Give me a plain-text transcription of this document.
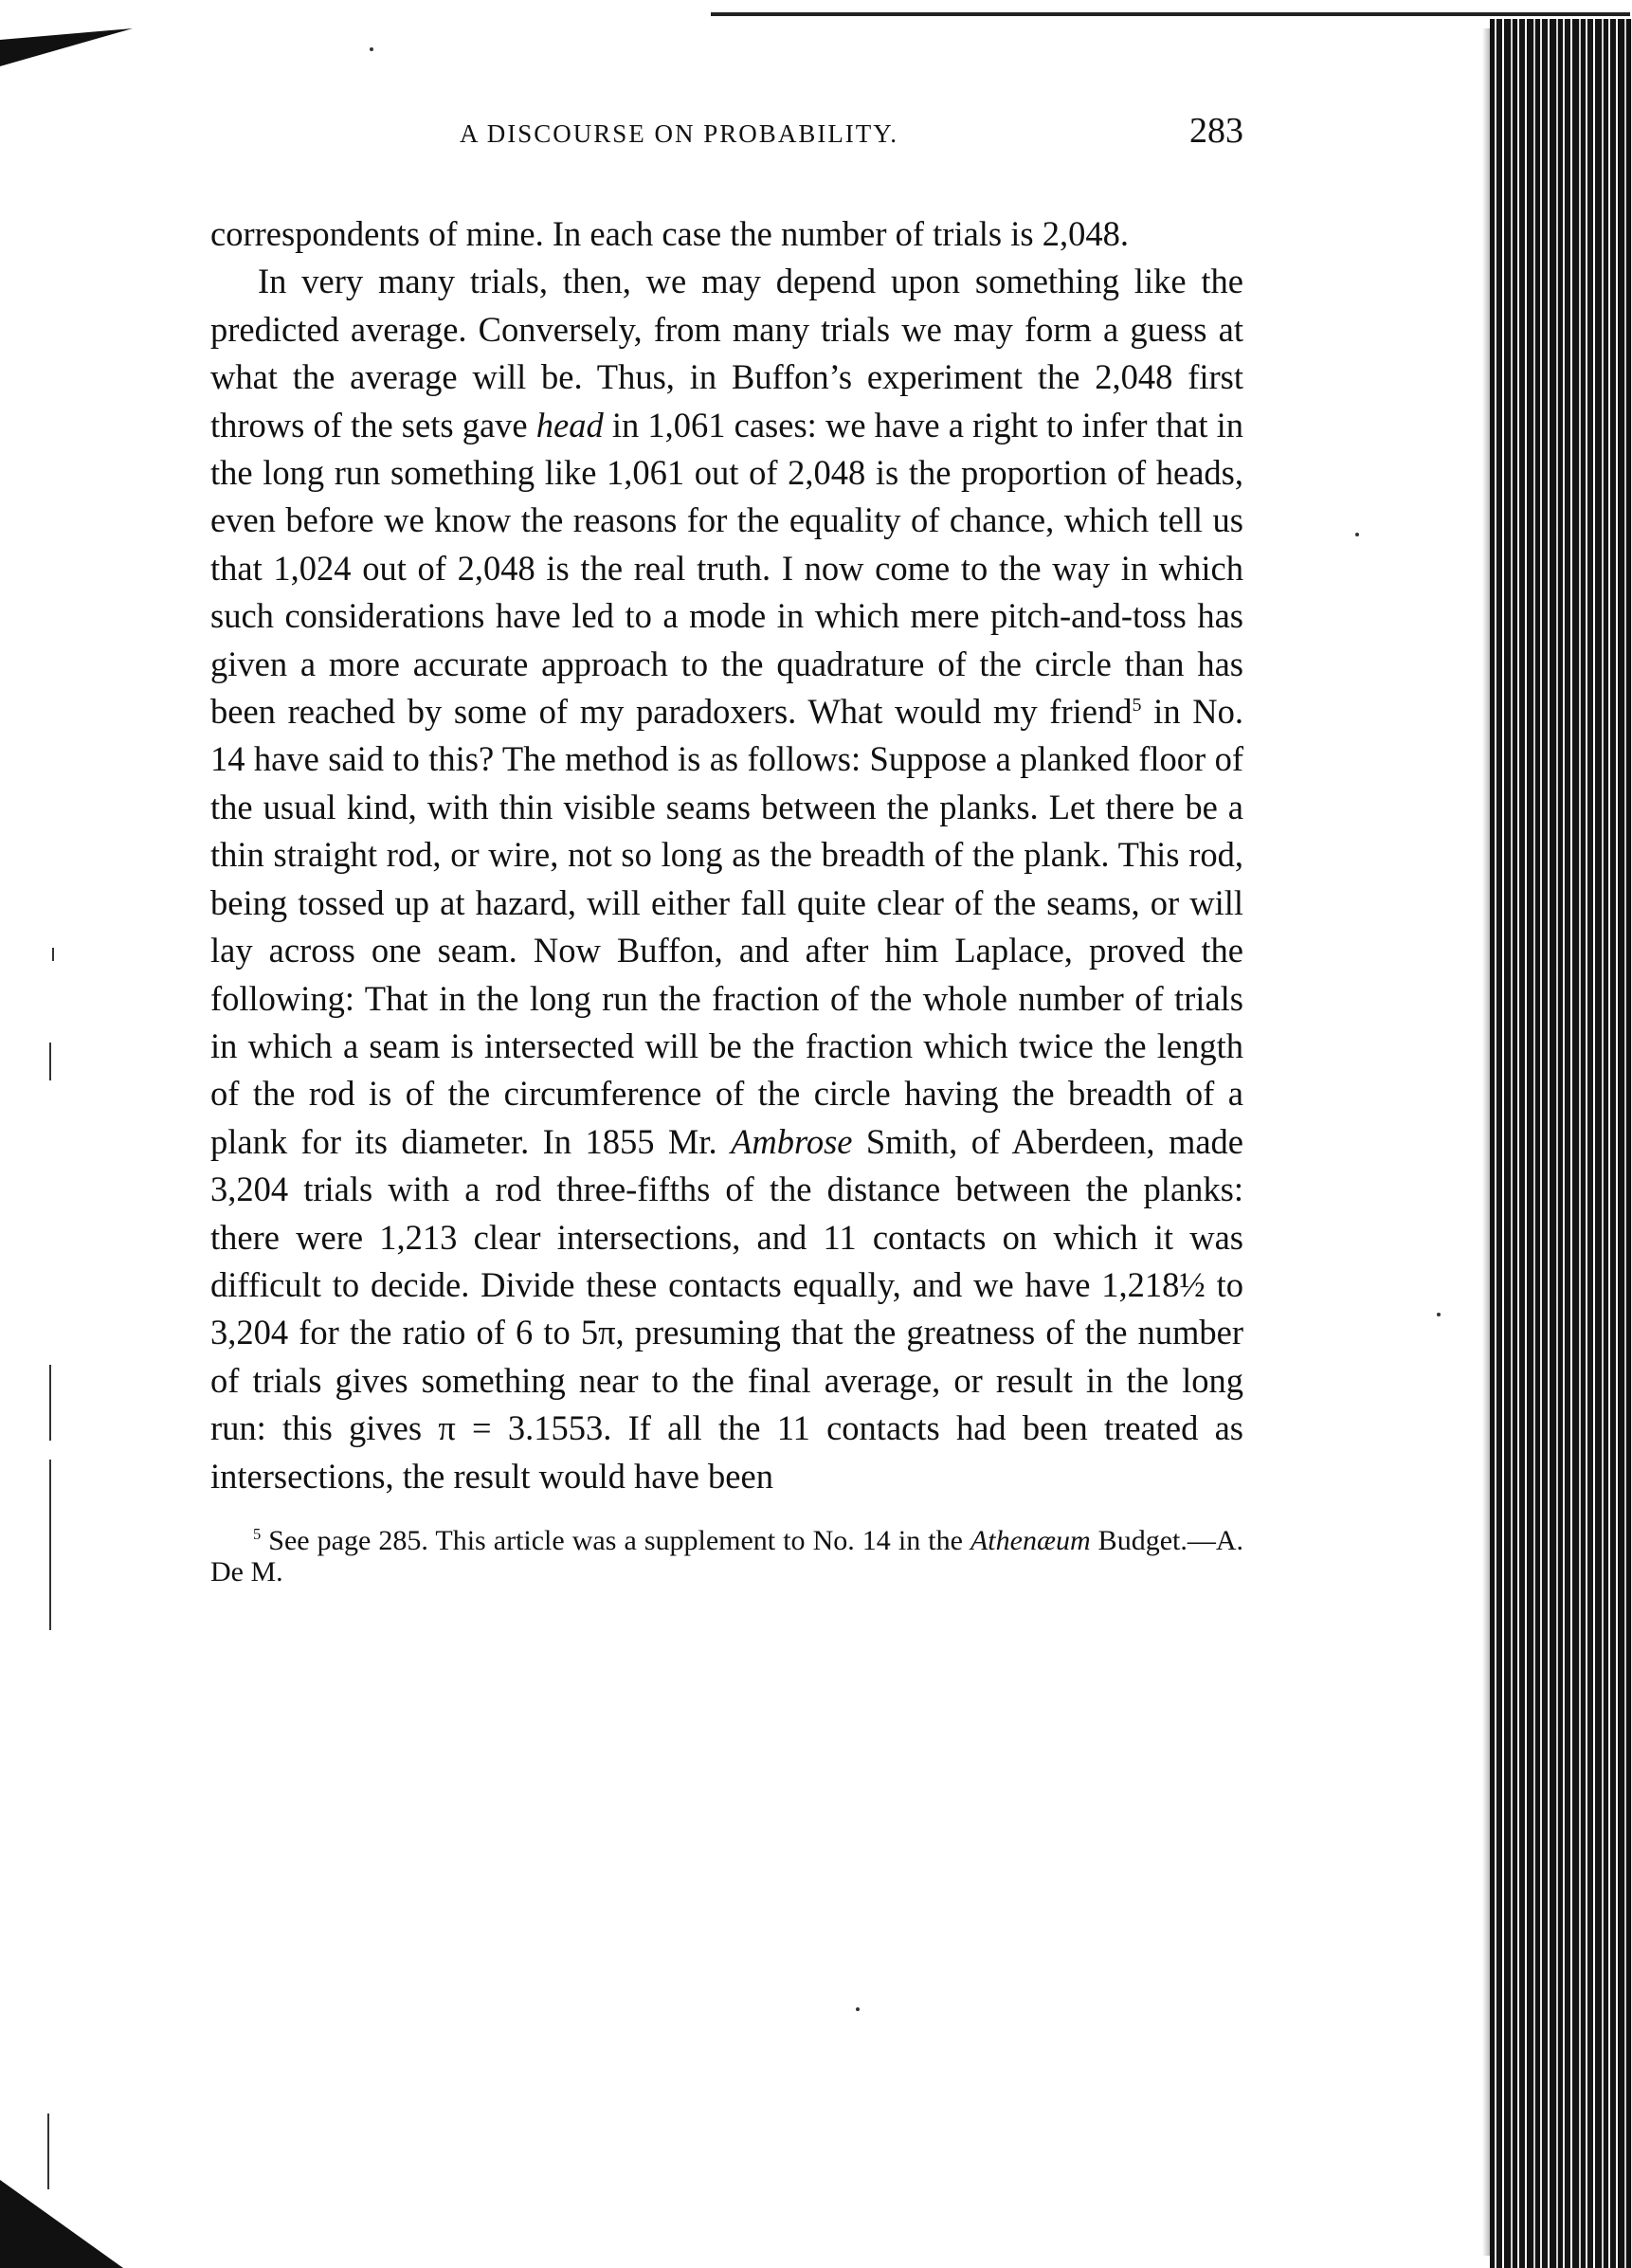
A DISCOURSE ON PROBABILITY.	283

correspondents of mine. In each case the number of trials is 2,048.

In very many trials, then, we may depend upon something like the predicted average. Conversely, from many trials we may form a guess at what the average will be. Thus, in Buffon’s experiment the 2,048 first throws of the sets gave head in 1,061 cases: we have a right to infer that in the long run something like 1,061 out of 2,048 is the proportion of heads, even before we know the reasons for the equality of chance, which tell us that 1,024 out of 2,048 is the real truth. I now come to the way in which such considerations have led to a mode in which mere pitch-and-toss has given a more accurate approach to the quadrature of the circle than has been reached by some of my paradoxers. What would my friend$^5$ in No. 14 have said to this? The method is as follows: Suppose a planked floor of the usual kind, with thin visible seams between the planks. Let there be a thin straight rod, or wire, not so long as the breadth of the plank. This rod, being tossed up at hazard, will either fall quite clear of the seams, or will lay across one seam. Now Buffon, and after him Laplace, proved the following: That in the long run the fraction of the whole number of trials in which a seam is intersected will be the fraction which twice the length of the rod is of the circumference of the circle having the breadth of a plank for its diameter. In 1855 Mr. Ambrose Smith, of Aberdeen, made 3,204 trials with a rod three-fifths of the distance between the planks: there were 1,213 clear intersections, and 11 contacts on which it was difficult to decide. Divide these contacts equally, and we have 1,218½ to 3,204 for the ratio of 6 to 5π, presuming that the greatness of the number of trials gives something near to the final average, or result in the long run: this gives π = 3.1553. If all the 11 contacts had been treated as intersections, the result would have been

$^5$ See page 285. This article was a supplement to No. 14 in the Athenæum Budget.—A. De M.
